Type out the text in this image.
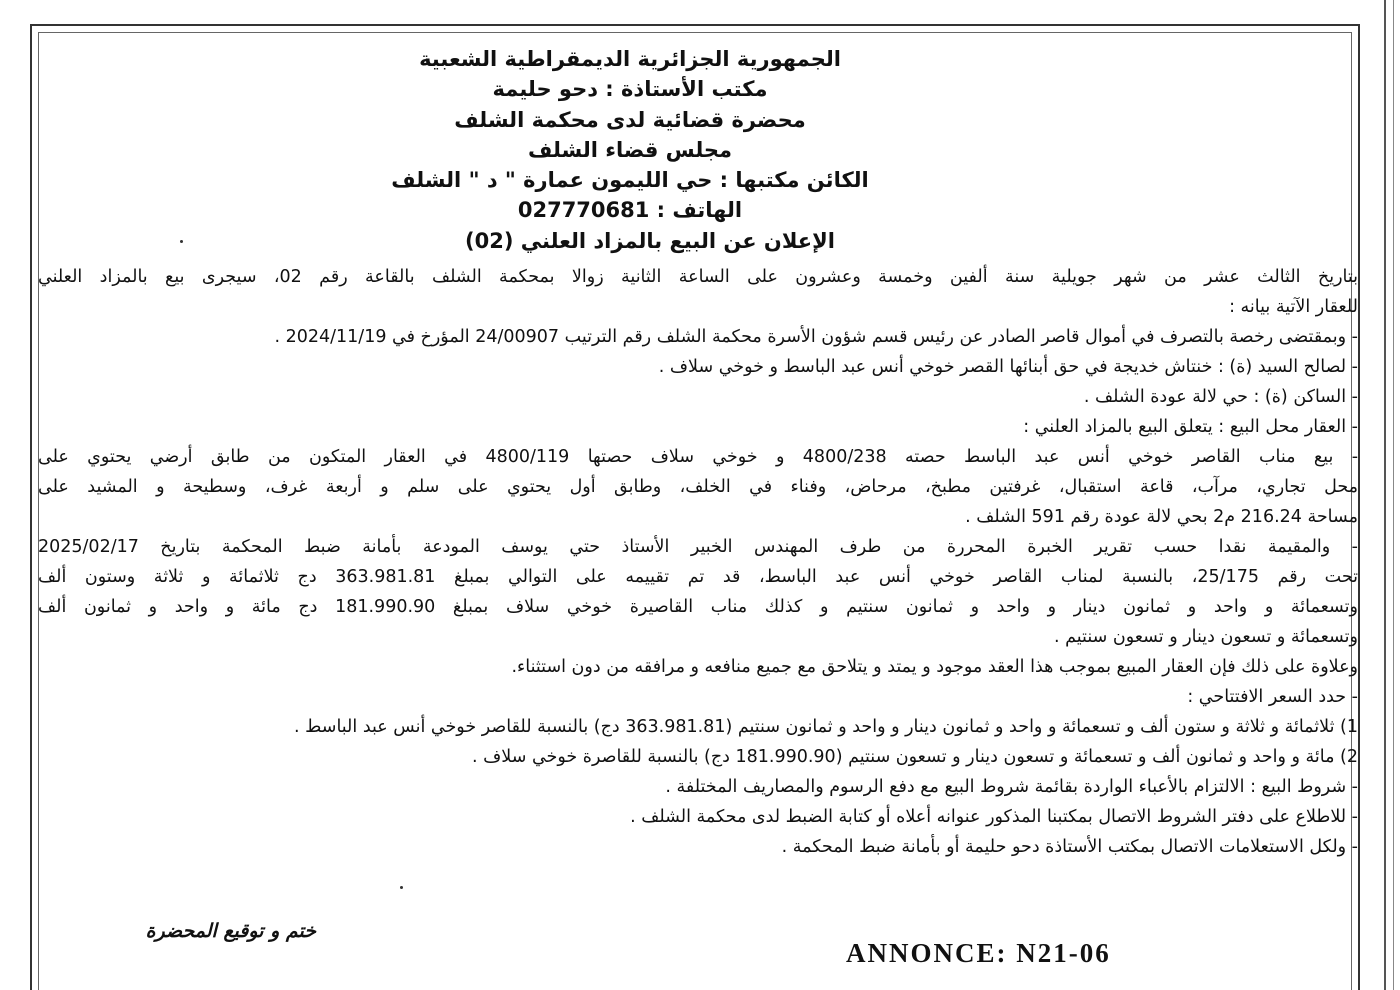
الجمهورية الجزائرية الديمقراطية الشعبية
مكتب الأستاذة : دحو حليمة
محضرة قضائية لدى محكمة الشلف
مجلس قضاء الشلف
الكائن مكتبها : حي الليمون عمارة " د " الشلف
الهاتف : 027770681
الإعلان عن البيع بالمزاد العلني (02)
بتاريخ الثالث عشر من شهر جويلية سنة ألفين وخمسة وعشرون على الساعة الثانية زوالا بمحكمة الشلف بالقاعة رقم 02، سيجرى بيع بالمزاد العلني
للعقار الآتية بيانه :
- وبمقتضى رخصة بالتصرف في أموال قاصر الصادر عن رئيس قسم شؤون الأسرة محكمة الشلف رقم الترتيب 24/00907 المؤرخ في 2024/11/19 .
- لصالح السيد (ة) : خنتاش خديجة في حق أبنائها القصر خوخي أنس عبد الباسط و خوخي سلاف .
- الساكن (ة) : حي لالة عودة الشلف .
- العقار محل البيع : يتعلق البيع بالمزاد العلني :
- بيع مناب القاصر خوخي أنس عبد الباسط حصته 4800/238 و خوخي سلاف حصتها 4800/119 في العقار المتكون من طابق أرضي يحتوي على
محل تجاري، مرآب، قاعة استقبال، غرفتين مطبخ، مرحاض، وفناء في الخلف، وطابق أول يحتوي على سلم و أربعة غرف، وسطيحة و المشيد على
مساحة 216.24 م2 بحي لالة عودة رقم 591 الشلف .
- والمقيمة نقدا حسب تقرير الخبرة المحررة من طرف المهندس الخبير الأستاذ حتي يوسف المودعة بأمانة ضبط المحكمة بتاريخ 2025/02/17
تحت رقم 25/175، بالنسبة لمناب القاصر خوخي أنس عبد الباسط، قد تم تقييمه على التوالي بمبلغ 363.981.81 دج ثلاثمائة و ثلاثة وستون ألف
وتسعمائة و واحد و ثمانون دينار و واحد و ثمانون سنتيم و كذلك مناب القاصيرة خوخي سلاف بمبلغ 181.990.90 دج مائة و واحد و ثمانون ألف
وتسعمائة و تسعون دينار و تسعون سنتيم .
وعلاوة على ذلك فإن العقار المبيع بموجب هذا العقد موجود و يمتد و يتلاحق مع جميع منافعه و مرافقه من دون استثناء.
- حدد السعر الافتتاحي :
1) ثلاثمائة و ثلاثة و ستون ألف و تسعمائة و واحد و ثمانون دينار و واحد و ثمانون سنتيم (363.981.81 دج) بالنسبة للقاصر خوخي أنس عبد الباسط .
2) مائة و واحد و ثمانون ألف و تسعمائة و تسعون دينار و تسعون سنتيم (181.990.90 دج) بالنسبة للقاصرة خوخي سلاف .
- شروط البيع : الالتزام بالأعباء الواردة بقائمة شروط البيع مع دفع الرسوم والمصاريف المختلفة .
- للاطلاع على دفتر الشروط الاتصال بمكتبنا المذكور عنوانه أعلاه أو كتابة الضبط لدى محكمة الشلف .
- ولكل الاستعلامات الاتصال بمكتب الأستاذة دحو حليمة أو بأمانة ضبط المحكمة .
ختم و توقيع المحضرة
ANNONCE: N21-06
